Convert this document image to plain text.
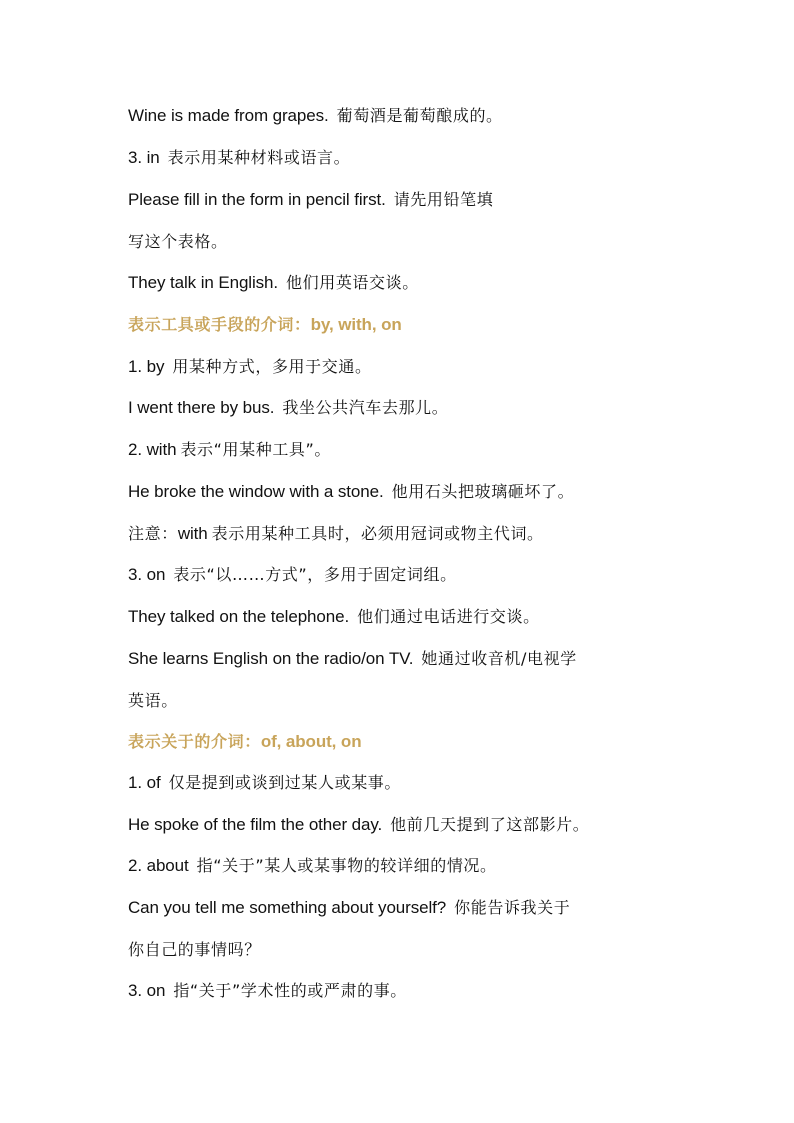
Wine is made from grapes. 葡萄酒是葡萄酿成的。
3. in 表示用某种材料或语言。
Please fill in the form in pencil first. 请先用铅笔填
写这个表格。
They talk in English. 他们用英语交谈。
表示工具或手段的介词：by, with, on
1. by 用某种方式，多用于交通。
I went there by bus. 我坐公共汽车去那儿。
2. with 表示“用某种工具”。
He broke the window with a stone. 他用石头把玻璃砸坏了。
注意：with 表示用某种工具时，必须用冠词或物主代词。
3. on 表示“以……方式”，多用于固定词组。
They talked on the telephone. 他们通过电话进行交谈。
She learns English on the radio/on TV. 她通过收音机/电视学
英语。
表示关于的介词：of, about, on
1. of 仅是提到或谈到过某人或某事。
He spoke of the film the other day. 他前几天提到了这部影片。
2. about 指“关于”某人或某事物的较详细的情况。
Can you tell me something about yourself? 你能告诉我关于
你自己的事情吗？
3. on 指“关于”学术性的或严肃的事。
